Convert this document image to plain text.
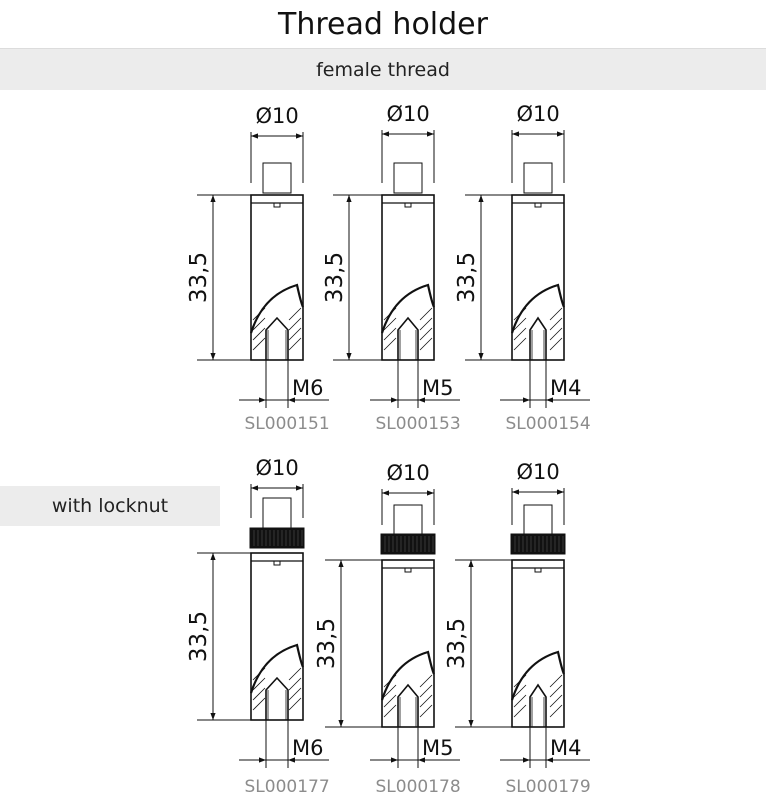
Thread holder
female thread
with locknut
Ø10
33,5
M6
SL000151
Ø10
33,5
M5
SL000153
Ø10
33,5
M4
SL000154
Ø10
33,5
M6
SL000177
Ø10
33,5
M5
SL000178
Ø10
33,5
M4
SL000179
